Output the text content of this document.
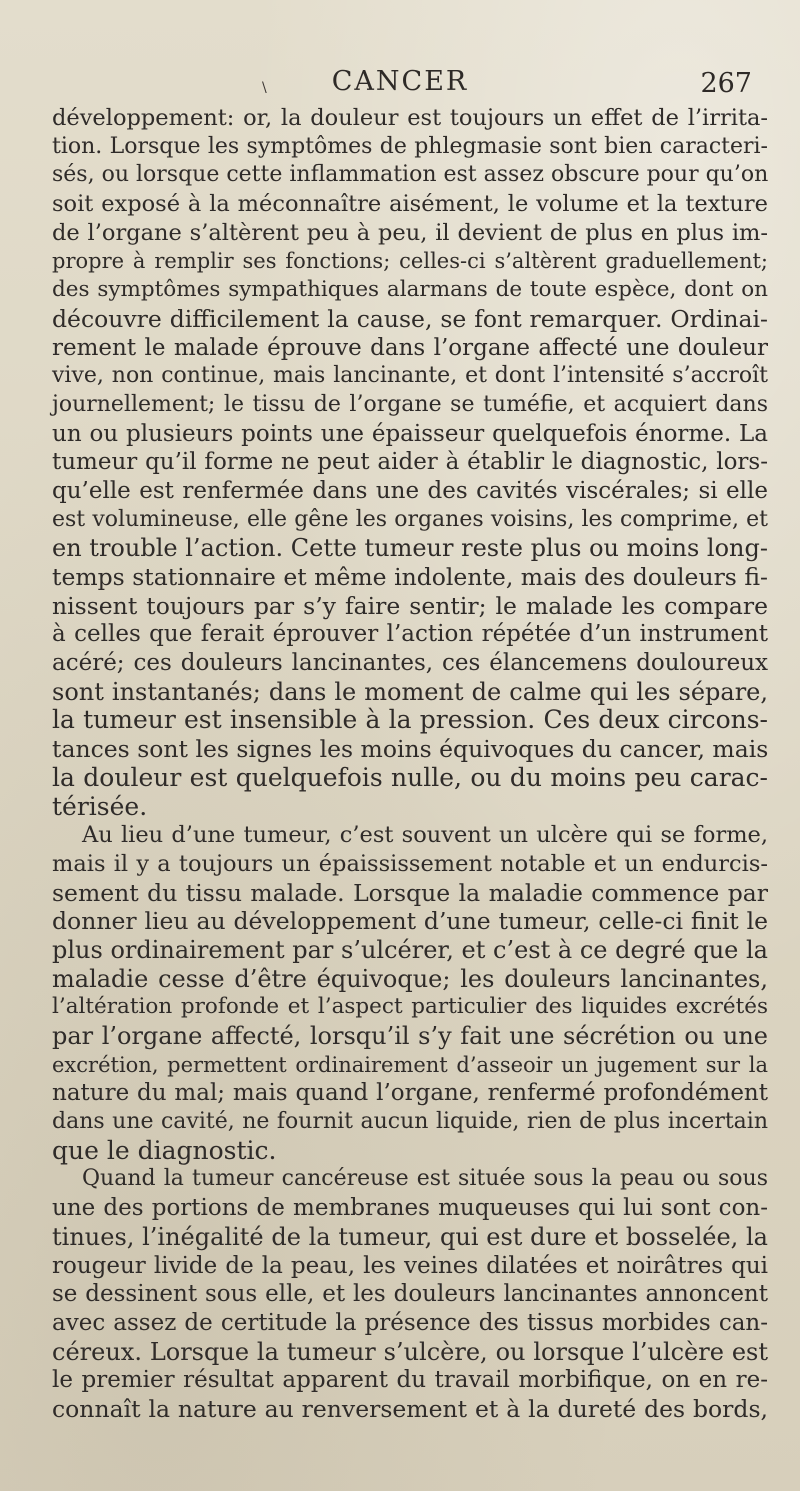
\	CANCER	267
développement: or, la douleur est toujours un effet de l’irrita-
tion. Lorsque les symptômes de phlegmasie sont bien caracteri-
sés, ou lorsque cette inflammation est assez obscure pour qu’on
soit exposé à la méconnaître aisément, le volume et la texture
de l’organe s’altèrent peu à peu, il devient de plus en plus im-
propre à remplir ses fonctions; celles-ci s’altèrent graduellement;
des symptômes sympathiques alarmans de toute espèce, dont on
découvre difficilement la cause, se font remarquer. Ordinai-
rement le malade éprouve dans l’organe affecté une douleur
vive, non continue, mais lancinante, et dont l’intensité s’accroît
journellement; le tissu de l’organe se tuméfie, et acquiert dans
un ou plusieurs points une épaisseur quelquefois énorme. La
tumeur qu’il forme ne peut aider à établir le diagnostic, lors-
qu’elle est renfermée dans une des cavités viscérales; si elle
est volumineuse, elle gêne les organes voisins, les comprime, et
en trouble l’action. Cette tumeur reste plus ou moins long-
temps stationnaire et même indolente, mais des douleurs fi-
nissent toujours par s’y faire sentir; le malade les compare
à celles que ferait éprouver l’action répétée d’un instrument
acéré; ces douleurs lancinantes, ces élancemens douloureux
sont instantanés; dans le moment de calme qui les sépare,
la tumeur est insensible à la pression. Ces deux circons-
tances sont les signes les moins équivoques du cancer, mais
la douleur est quelquefois nulle, ou du moins peu carac-
térisée.
Au lieu d’une tumeur, c’est souvent un ulcère qui se forme,
mais il y a toujours un épaississement notable et un endurcis-
sement du tissu malade. Lorsque la maladie commence par
donner lieu au développement d’une tumeur, celle-ci finit le
plus ordinairement par s’ulcérer, et c’est à ce degré que la
maladie cesse d’être équivoque; les douleurs lancinantes,
l’altération profonde et l’aspect particulier des liquides excrétés
par l’organe affecté, lorsqu’il s’y fait une sécrétion ou une
excrétion, permettent ordinairement d’asseoir un jugement sur la
nature du mal; mais quand l’organe, renfermé profondément
dans une cavité, ne fournit aucun liquide, rien de plus incertain
que le diagnostic.
Quand la tumeur cancéreuse est située sous la peau ou sous
une des portions de membranes muqueuses qui lui sont con-
tinues, l’inégalité de la tumeur, qui est dure et bosselée, la
rougeur livide de la peau, les veines dilatées et noirâtres qui
se dessinent sous elle, et les douleurs lancinantes annoncent
avec assez de certitude la présence des tissus morbides can-
céreux. Lorsque la tumeur s’ulcère, ou lorsque l’ulcère est
le premier résultat apparent du travail morbifique, on en re-
connaît la nature au renversement et à la dureté des bords,
